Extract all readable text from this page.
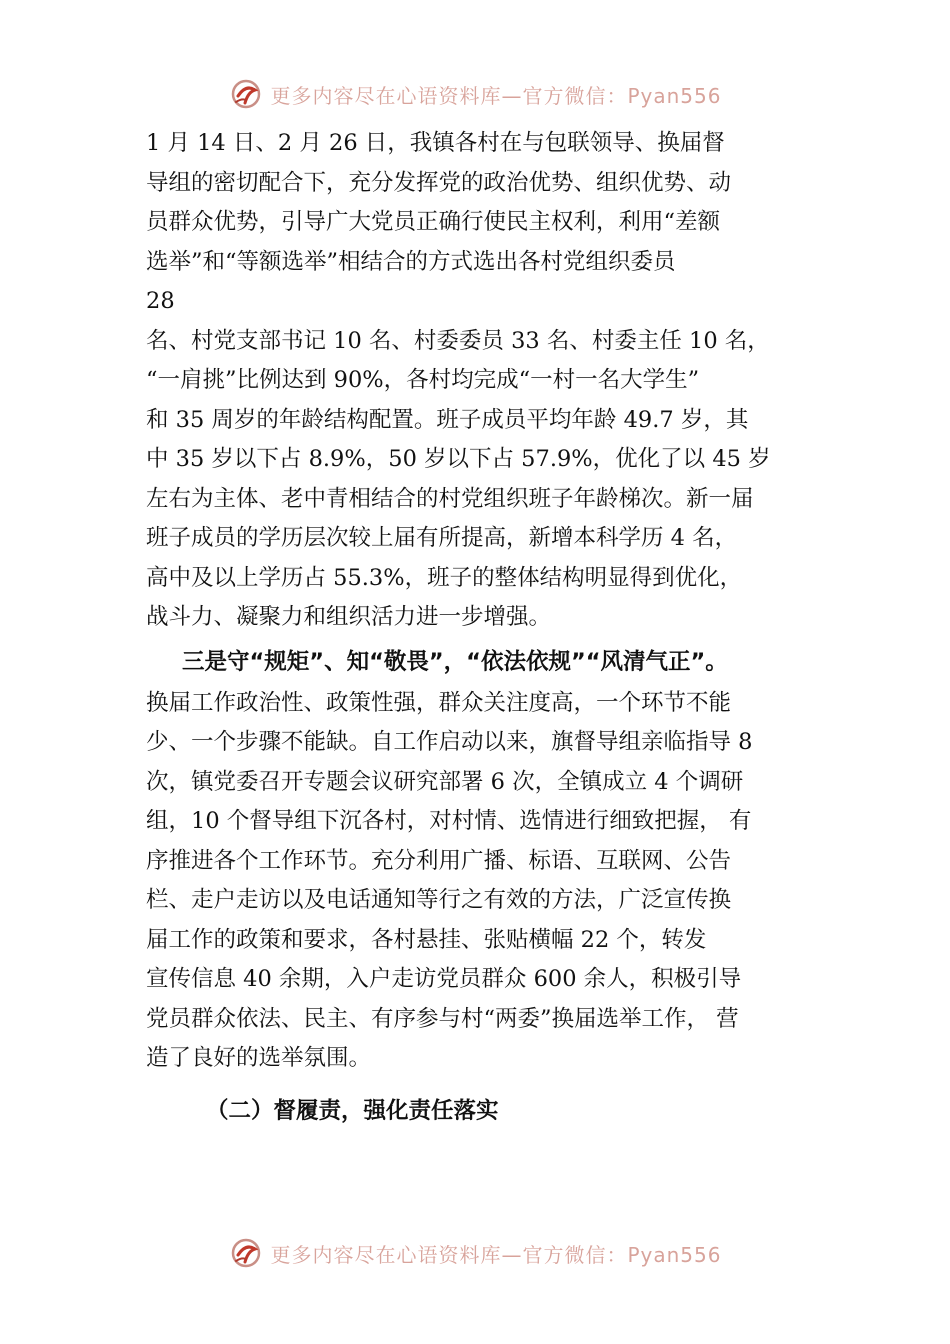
更多内容尽在心语资料库—官方微信：Pyan556
1 月 14 日、2 月 26 日，我镇各村在与包联领导、换届督
导组的密切配合下，充分发挥党的政治优势、组织优势、动
员群众优势，引导广大党员正确行使民主权利，利用“差额
选举”和“等额选举”相结合的方式选出各村党组织委员
28
名、村党支部书记 10 名、村委委员 33 名、村委主任 10 名，
“一肩挑”比例达到 90%，各村均完成“一村一名大学生”
和 35 周岁的年龄结构配置。班子成员平均年龄 49.7 岁，其
中 35 岁以下占 8.9%，50 岁以下占 57.9%，优化了以 45 岁
左右为主体、老中青相结合的村党组织班子年龄梯次。新一届
班子成员的学历层次较上届有所提高，新增本科学历 4 名，
高中及以上学历占 55.3%，班子的整体结构明显得到优化，
战斗力、凝聚力和组织活力进一步增强。
三是守“规矩”、知“敬畏”，“依法依规”“风清气正”。
换届工作政治性、政策性强，群众关注度高，一个环节不能
少、一个步骤不能缺。自工作启动以来，旗督导组亲临指导 8
次，镇党委召开专题会议研究部署 6 次，全镇成立 4 个调研
组，10 个督导组下沉各村，对村情、选情进行细致把握， 有
序推进各个工作环节。充分利用广播、标语、互联网、公告
栏、走户走访以及电话通知等行之有效的方法，广泛宣传换
届工作的政策和要求，各村悬挂、张贴横幅 22 个，转发
宣传信息 40 余期，入户走访党员群众 600 余人，积极引导
党员群众依法、民主、有序参与村“两委”换届选举工作， 营
造了良好的选举氛围。
（二）督履责，强化责任落实
更多内容尽在心语资料库—官方微信：Pyan556
